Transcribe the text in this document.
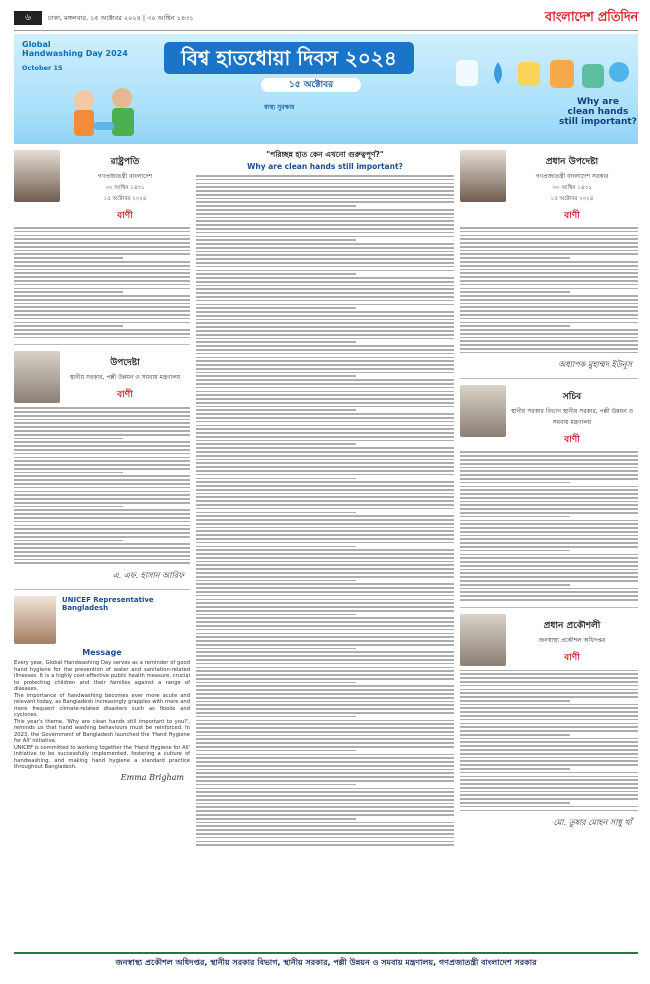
৬	ঢাকা, মঙ্গলবার, ১৫ অক্টোবর ২০২৪ | ৩০ আশ্বিন ১৪৩১	বাংলাদেশ প্রতিদিন
Global
Handwashing Day 2024
October 15	বিশ্ব হাতধোয়া দিবস ২০২৪
১৫ অক্টোবর
স্বাস্থ্য সুরক্ষায়
Why are
clean hands
still important?
রাষ্ট্রপতি
গণপ্রজাতন্ত্রী বাংলাদেশ
৩০ আশ্বিন ১৪৩১
১৫ অক্টোবর ২০২৪
বাণী
উপদেষ্টা
স্থানীয় সরকার, পল্লী উন্নয়ন ও সমবায় মন্ত্রণালয়
বাণী
এ. এফ. হাসান আরিফ
UNICEF Representative Bangladesh
Message

Every year, Global Handwashing Day serves as a reminder of good hand hygiene for the prevention of water and sanitation-related illnesses. It is a highly cost-effective public health measure, crucial to protecting children and their families against a range of diseases.

The importance of handwashing becomes ever more acute and relevant today, as Bangladesh increasingly grapples with more and more frequent climate-related disasters such as floods and cyclones.

This year's theme, 'Why are clean hands still important to you?', reminds us that hand washing behaviours must be reinforced. In 2023, the Government of Bangladesh launched the 'Hand Hygiene for All' initiative.

UNICEF is committed to working together the 'Hand Hygiene for All' initiative to be successfully implemented, fostering a culture of handwashing, and making hand hygiene a standard practice throughout Bangladesh.

Emma Brigham
"পরিচ্ছন্ন হাত কেন এখনো গুরুত্বপূর্ণ?"
Why are clean hands still important?	প্রধান উপদেষ্টা
গণপ্রজাতন্ত্রী বাংলাদেশ সরকার
৩০ আশ্বিন ১৪৩১
১৫ অক্টোবর ২০২৪
বাণী
অধ্যাপক মুহাম্মদ ইউনূস
সচিব
স্থানীয় সরকার বিভাগ স্থানীয় সরকার, পল্লী উন্নয়ন ও সমবায় মন্ত্রণালয়
বাণী
প্রধান প্রকৌশলী
জনস্বাস্থ্য প্রকৌশল অধিদপ্তর
বাণী
মো. তুষার মোহন সাধু খাঁ
জনস্বাস্থ্য প্রকৌশল অধিদপ্তর, স্থানীয় সরকার বিভাগ, স্থানীয় সরকার, পল্লী উন্নয়ন ও সমবায় মন্ত্রণালয়, গণপ্রজাতন্ত্রী বাংলাদেশ সরকার
